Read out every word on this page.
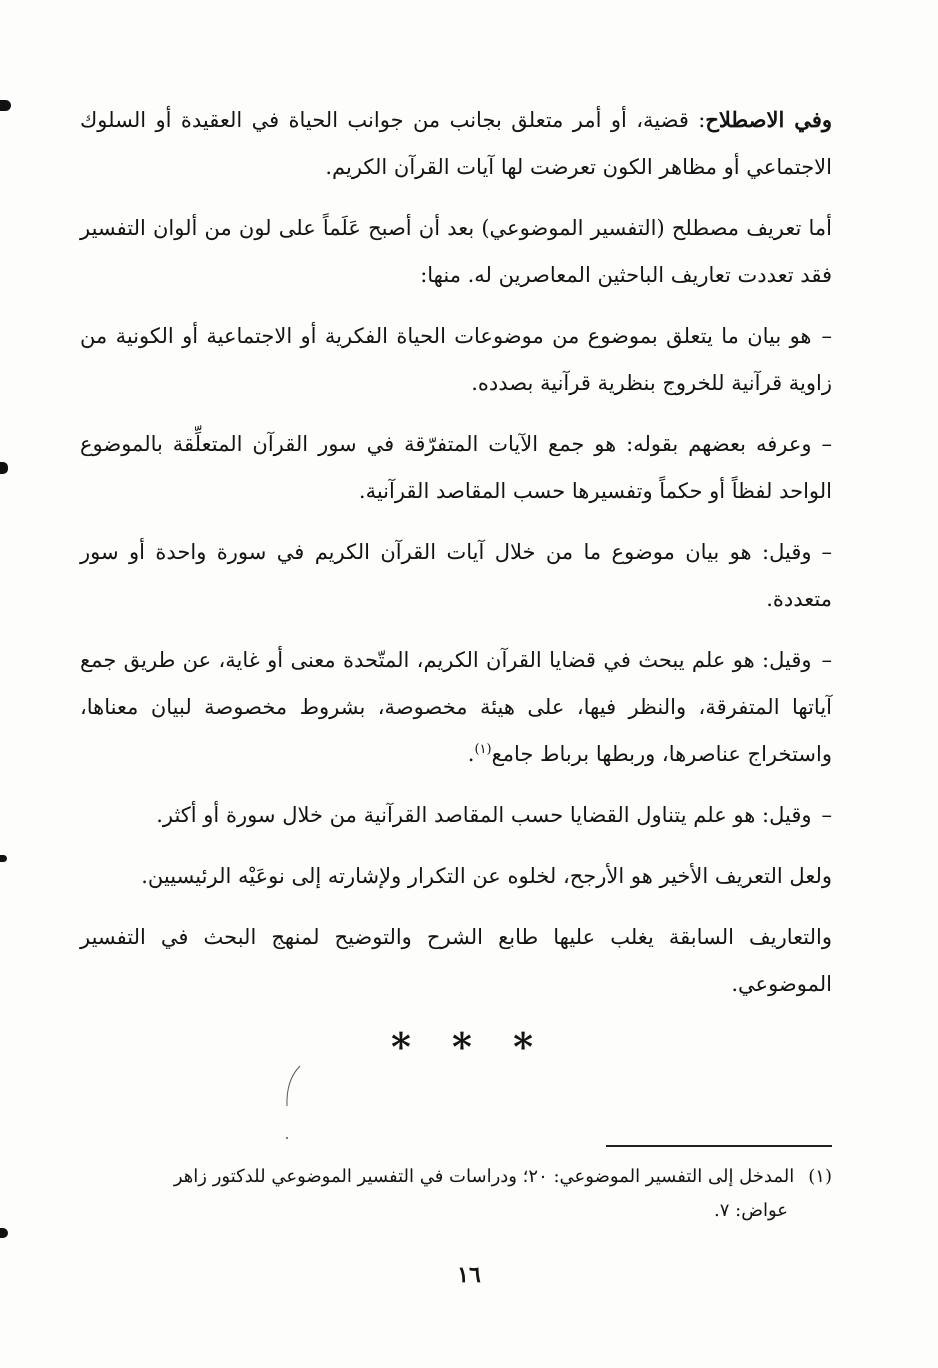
وفي الاصطلاح: قضية، أو أمر متعلق بجانب من جوانب الحياة في العقيدة أو السلوك الاجتماعي أو مظاهر الكون تعرضت لها آيات القرآن الكريم.

أما تعريف مصطلح (التفسير الموضوعي) بعد أن أصبح عَلَماً على لون من ألوان التفسير فقد تعددت تعاريف الباحثين المعاصرين له. منها:

–هو بيان ما يتعلق بموضوع من موضوعات الحياة الفكرية أو الاجتماعية أو الكونية من زاوية قرآنية للخروج بنظرية قرآنية بصدده.

–وعرفه بعضهم بقوله: هو جمع الآيات المتفرّقة في سور القرآن المتعلِّقة بالموضوع الواحد لفظاً أو حكماً وتفسيرها حسب المقاصد القرآنية.

–وقيل: هو بيان موضوع ما من خلال آيات القرآن الكريم في سورة واحدة أو سور متعددة.

–وقيل: هو علم يبحث في قضايا القرآن الكريم، المتّحدة معنى أو غاية، عن طريق جمع آياتها المتفرقة، والنظر فيها، على هيئة مخصوصة، بشروط مخصوصة لبيان معناها، واستخراج عناصرها، وربطها برباط جامع$^{(١)}$.

–وقيل: هو علم يتناول القضايا حسب المقاصد القرآنية من خلال سورة أو أكثر.

ولعل التعريف الأخير هو الأرجح، لخلوه عن التكرار ولإشارته إلى نوعَيْه الرئيسيين.

والتعاريف السابقة يغلب عليها طابع الشرح والتوضيح لمنهج البحث في التفسير الموضوعي.

* * *
(١)المدخل إلى التفسير الموضوعي: ٢٠؛ ودراسات في التفسير الموضوعي للدكتور زاهر
عواض: ٧.
١٦
